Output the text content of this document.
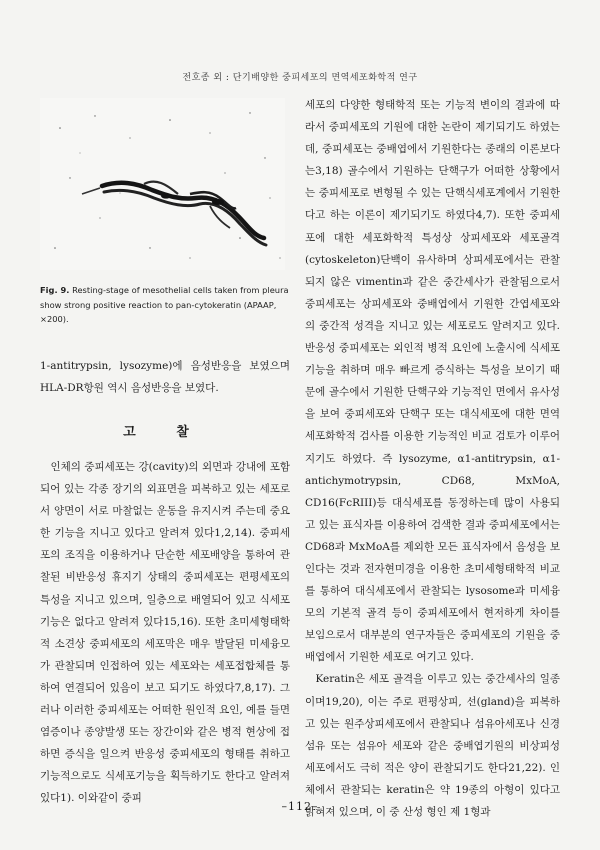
전호종 외 : 단기배양한 중피세포의 면역세포화학적 연구

Fig. 9. Resting-stage of mesothelial cells taken from pleura show strong positive reaction to pan-cytokeratin (APAAP, ×200).

1-antitrypsin, lysozyme)에 음성반응을 보였으며 HLA-DR항원 역시 음성반응을 보였다.

고 찰

인체의 중피세포는 강(cavity)의 외면과 강내에 포함되어 있는 각종 장기의 외표면을 피복하고 있는 세포로서 양면이 서로 마찰없는 운동을 유지시켜 주는데 중요한 기능을 지니고 있다고 알려져 있다1,2,14). 중피세포의 조직을 이용하거나 단순한 세포배양을 통하여 관찰된 비반응성 휴지기 상태의 중피세포는 편평세포의 특성을 지니고 있으며, 일층으로 배열되어 있고 식세포 기능은 없다고 알려져 있다15,16). 또한 초미세형태학적 소견상 중피세포의 세포막은 매우 발달된 미세융모가 관찰되며 인접하여 있는 세포와는 세포접합체를 통하여 연결되어 있음이 보고 되기도 하였다7,8,17). 그러나 이러한 중피세포는 어떠한 원인적 요인, 예를 들면 염증이나 종양발생 또는 장간이와 같은 병적 현상에 접하면 증식을 일으켜 반응성 중피세포의 형태를 취하고 기능적으로도 식세포기능을 획득하기도 한다고 알려져 있다1). 이와같이 중피

세포의 다양한 형태학적 또는 기능적 변이의 결과에 따라서 중피세포의 기원에 대한 논란이 제기되기도 하였는데, 중피세포는 중배엽에서 기원한다는 종래의 이론보다는3,18) 골수에서 기원하는 단핵구가 어떠한 상황에서는 중피세포로 변형될 수 있는 단핵식세포계에서 기원한다고 하는 이론이 제기되기도 하였다4,7). 또한 중피세포에 대한 세포화학적 특성상 상피세포와 세포골격(cytoskeleton)단백이 유사하며 상피세포에서는 관찰되지 않은 vimentin과 같은 중간세사가 관찰됨으로서 중피세포는 상피세포와 중배엽에서 기원한 간엽세포와의 중간적 성격을 지니고 있는 세포로도 알려지고 있다. 반응성 중피세포는 외인적 병적 요인에 노출시에 식세포기능을 취하며 매우 빠르게 증식하는 특성을 보이기 때문에 골수에서 기원한 단핵구와 기능적인 면에서 유사성을 보여 중피세포와 단핵구 또는 대식세포에 대한 면역세포화학적 검사를 이용한 기능적인 비교 검토가 이루어 지기도 하였다. 즉 lysozyme, α1-antitrypsin, α1-antichymotrypsin, CD68, MxMoA, CD16(FcRIII)등 대식세포를 동정하는데 많이 사용되고 있는 표식자를 이용하여 검색한 결과 중피세포에서는 CD68과 MxMoA를 제외한 모든 표식자에서 음성을 보인다는 것과 전자현미경을 이용한 초미세형태학적 비교를 통하여 대식세포에서 관찰되는 lysosome과 미세융모의 기본적 골격 등이 중피세포에서 현저하게 차이를 보임으로서 대부분의 연구자들은 중피세포의 기원을 중배엽에서 기원한 세포로 여기고 있다.

Keratin은 세포 골격을 이루고 있는 중간세사의 일종이며19,20), 이는 주로 편평상피, 선(gland)을 피복하고 있는 원주상피세포에서 관찰되나 섬유아세포나 신경섬유 또는 섬유아 세포와 같은 중배엽기원의 비상피성 세포에서도 극히 적은 양이 관찰되기도 한다21,22). 인체에서 관찰되는 keratin은 약 19종의 아형이 있다고 밝혀져 있으며, 이 중 산성 형인 제 1형과

–112–
